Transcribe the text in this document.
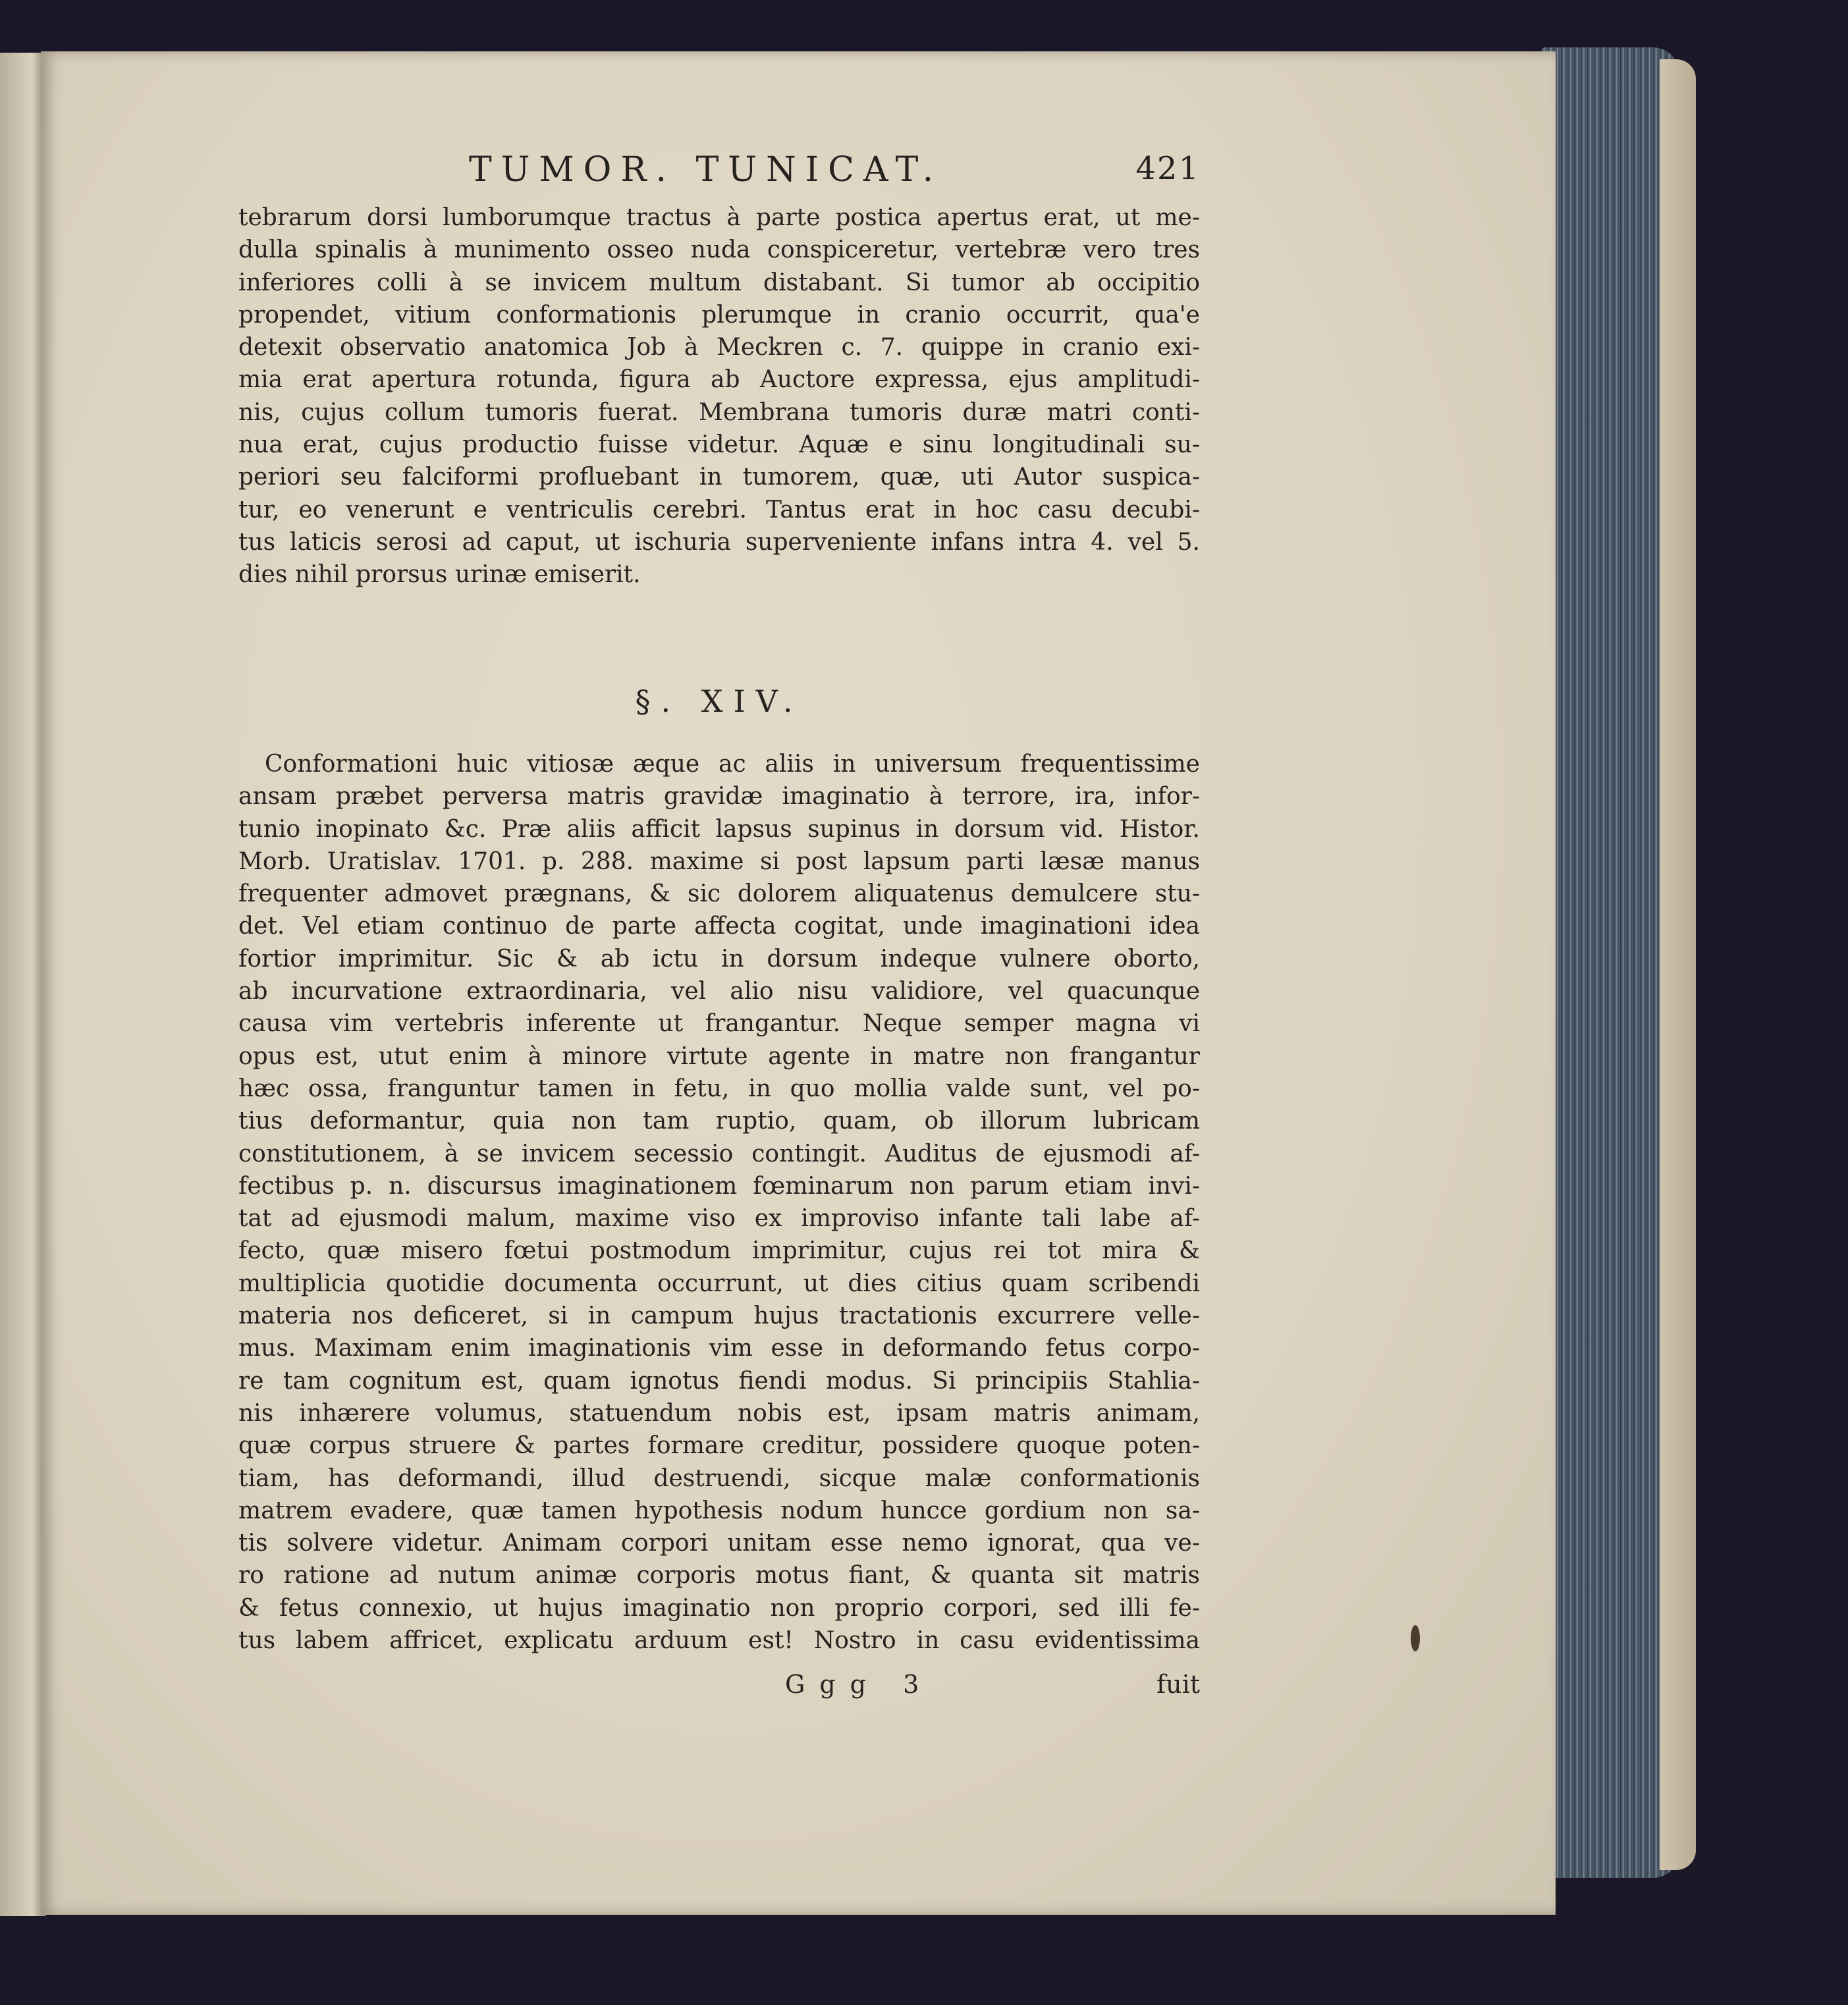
TUMOR. TUNICAT.	421
tebrarum dorsi lumborumque tractus à parte postica apertus erat, ut me-
dulla spinalis à munimento osseo nuda conspiceretur, vertebræ vero tres
inferiores colli à se invicem multum distabant. Si tumor ab occipitio
propendet, vitium conformationis plerumque in cranio occurrit, qua'e
detexit observatio anatomica Job à Meckren c. 7. quippe in cranio exi-
mia erat apertura rotunda, figura ab Auctore expressa, ejus amplitudi-
nis, cujus collum tumoris fuerat. Membrana tumoris duræ matri conti-
nua erat, cujus productio fuisse videtur. Aquæ e sinu longitudinali su-
periori seu falciformi profluebant in tumorem, quæ, uti Autor suspica-
tur, eo venerunt e ventriculis cerebri. Tantus erat in hoc casu decubi-
tus laticis serosi ad caput, ut ischuria superveniente infans intra 4. vel 5.
dies nihil prorsus urinæ emiserit.
§. XIV.
Conformationi huic vitiosæ æque ac aliis in universum frequentissime
ansam præbet perversa matris gravidæ imaginatio à terrore, ira, infor-
tunio inopinato &c. Præ aliis afficit lapsus supinus in dorsum vid. Histor.
Morb. Uratislav. 1701. p. 288. maxime si post lapsum parti læsæ manus
frequenter admovet prægnans, & sic dolorem aliquatenus demulcere stu-
det. Vel etiam continuo de parte affecta cogitat, unde imaginationi idea
fortior imprimitur. Sic & ab ictu in dorsum indeque vulnere oborto,
ab incurvatione extraordinaria, vel alio nisu validiore, vel quacunque
causa vim vertebris inferente ut frangantur. Neque semper magna vi
opus est, utut enim à minore virtute agente in matre non frangantur
hæc ossa, franguntur tamen in fetu, in quo mollia valde sunt, vel po-
tius deformantur, quia non tam ruptio, quam, ob illorum lubricam
constitutionem, à se invicem secessio contingit. Auditus de ejusmodi af-
fectibus p. n. discursus imaginationem fœminarum non parum etiam invi-
tat ad ejusmodi malum, maxime viso ex improviso infante tali labe af-
fecto, quæ misero fœtui postmodum imprimitur, cujus rei tot mira &
multiplicia quotidie documenta occurrunt, ut dies citius quam scribendi
materia nos deficeret, si in campum hujus tractationis excurrere velle-
mus. Maximam enim imaginationis vim esse in deformando fetus corpo-
re tam cognitum est, quam ignotus fiendi modus. Si principiis Stahlia-
nis inhærere volumus, statuendum nobis est, ipsam matris animam,
quæ corpus struere & partes formare creditur, possidere quoque poten-
tiam, has deformandi, illud destruendi, sicque malæ conformationis
matrem evadere, quæ tamen hypothesis nodum huncce gordium non sa-
tis solvere videtur. Animam corpori unitam esse nemo ignorat, qua ve-
ro ratione ad nutum animæ corporis motus fiant, & quanta sit matris
& fetus connexio, ut hujus imaginatio non proprio corpori, sed illi fe-
tus labem affricet, explicatu arduum est! Nostro in casu evidentissima
Ggg 3	fuit
